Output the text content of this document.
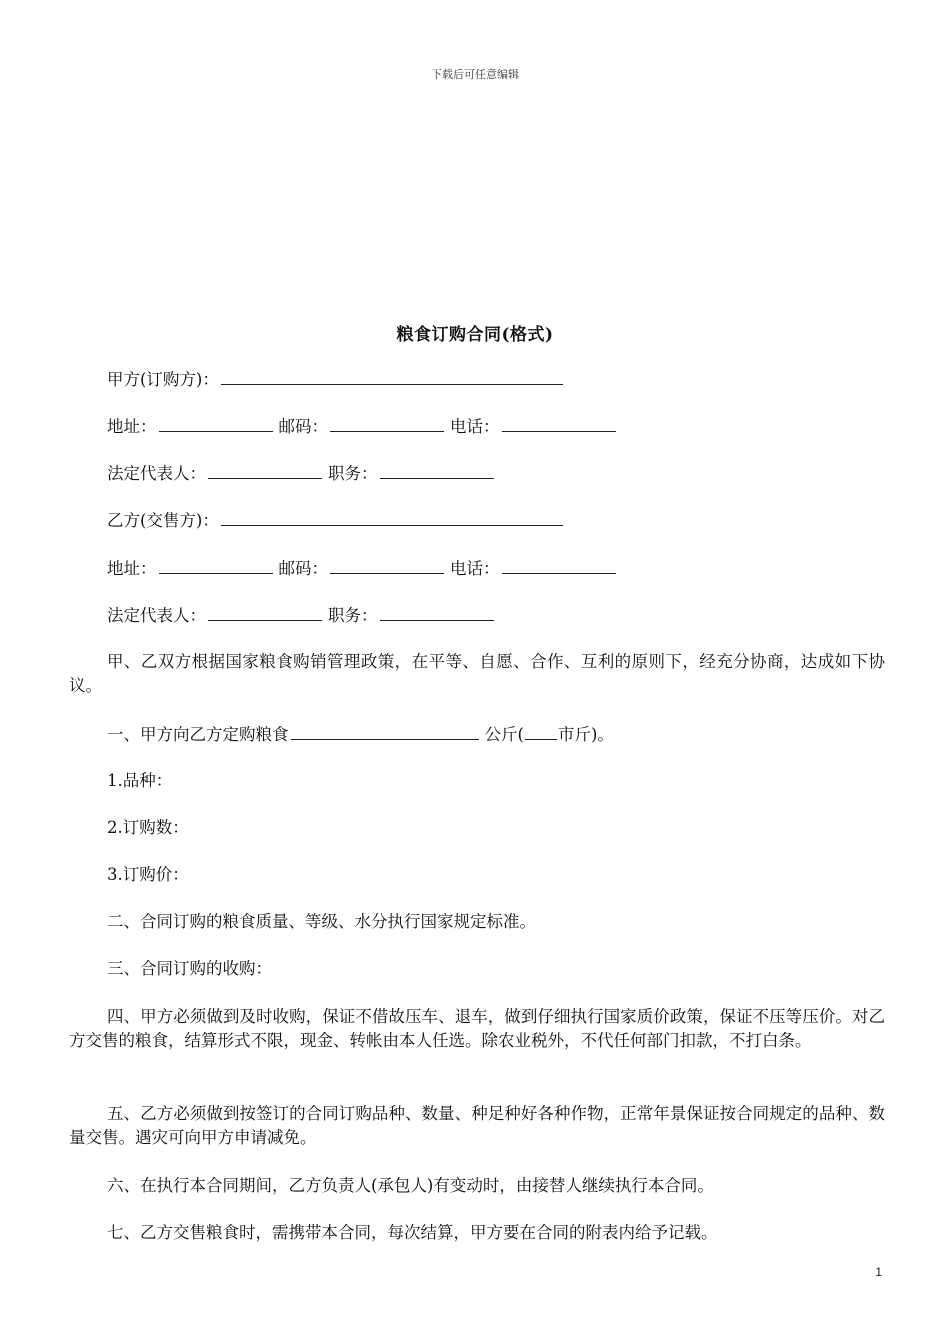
下载后可任意编辑
粮食订购合同(格式)
甲方(订购方)：
地址：	邮码：	电话：
法定代表人：	职务：
乙方(交售方)：
地址：	邮码：	电话：
法定代表人：	职务：
甲、乙双方根据国家粮食购销管理政策，在平等、自愿、合作、互利的原则下，经充分协商，达成如下协议。
一、甲方向乙方定购粮食	公斤( 市斤)。
1.品种：
2.订购数：
3.订购价：
二、合同订购的粮食质量、等级、水分执行国家规定标准。
三、合同订购的收购：
四、甲方必须做到及时收购，保证不借故压车、退车，做到仔细执行国家质价政策，保证不压等压价。对乙方交售的粮食，结算形式不限，现金、转帐由本人任选。除农业税外，不代任何部门扣款，不打白条。
五、乙方必须做到按签订的合同订购品种、数量、种足种好各种作物，正常年景保证按合同规定的品种、数量交售。遇灾可向甲方申请减免。
六、在执行本合同期间，乙方负责人(承包人)有变动时，由接替人继续执行本合同。
七、乙方交售粮食时，需携带本合同，每次结算，甲方要在合同的附表内给予记载。
1
